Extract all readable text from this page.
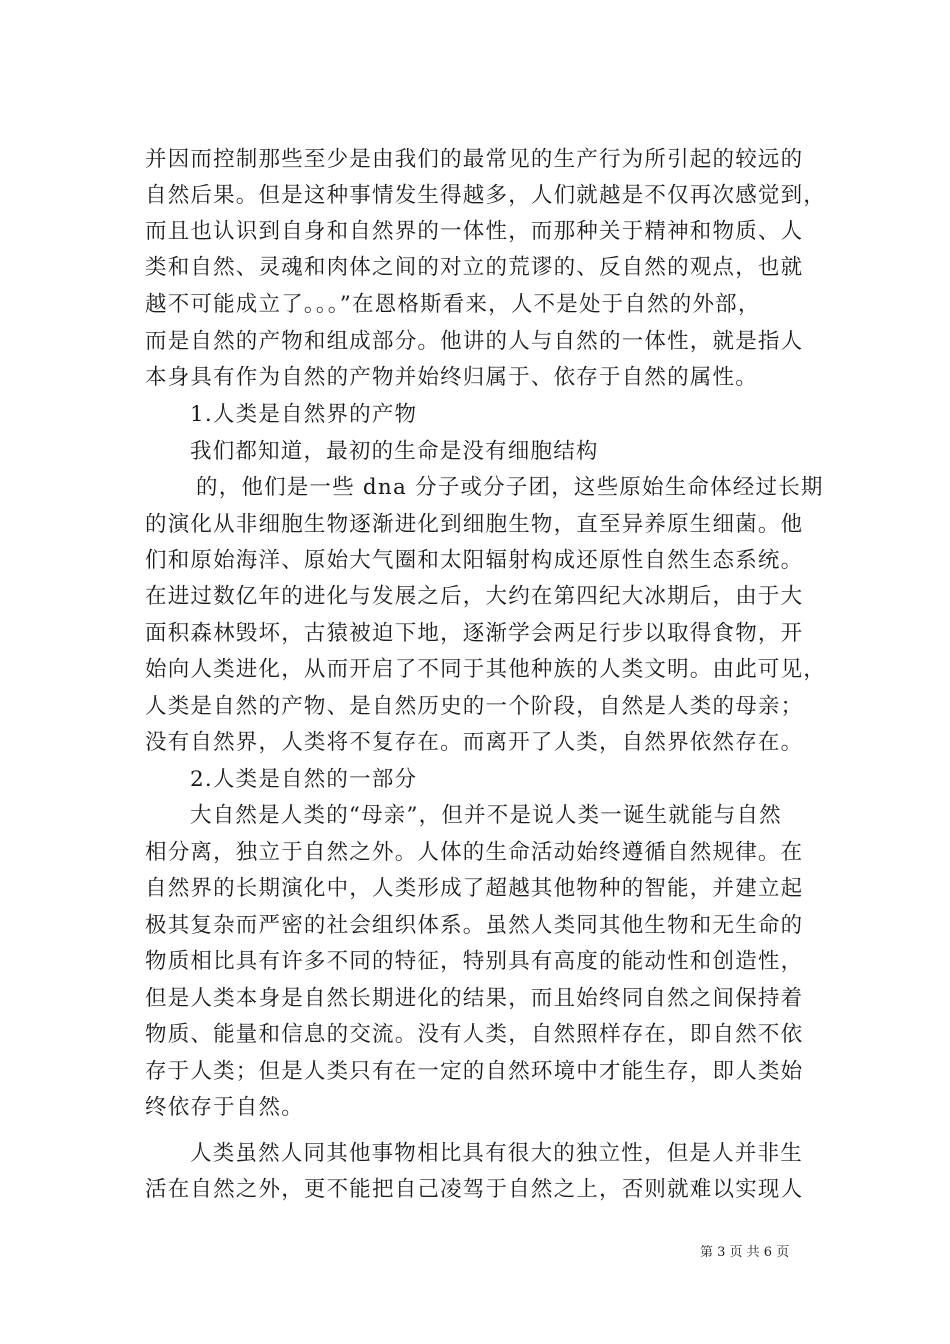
并因而控制那些至少是由我们的最常见的生产行为所引起的较远的

自然后果。但是这种事情发生得越多，人们就越是不仅再次感觉到，

而且也认识到自身和自然界的一体性，而那种关于精神和物质、人

类和自然、灵魂和肉体之间的对立的荒谬的、反自然的观点，也就

越不可能成立了。。。”在恩格斯看来，人不是处于自然的外部，

而是自然的产物和组成部分。他讲的人与自然的一体性，就是指人

本身具有作为自然的产物并始终归属于、依存于自然的属性。

1.人类是自然界的产物

我们都知道，最初的生命是没有细胞结构

的，他们是一些 dna 分子或分子团，这些原始生命体经过长期

的演化从非细胞生物逐渐进化到细胞生物，直至异养原生细菌。他

们和原始海洋、原始大气圈和太阳辐射构成还原性自然生态系统。

在进过数亿年的进化与发展之后，大约在第四纪大冰期后，由于大

面积森林毁坏，古猿被迫下地，逐渐学会两足行步以取得食物，开

始向人类进化，从而开启了不同于其他种族的人类文明。由此可见，

人类是自然的产物、是自然历史的一个阶段，自然是人类的母亲；

没有自然界，人类将不复存在。而离开了人类，自然界依然存在。

2.人类是自然的一部分

大自然是人类的“母亲”，但并不是说人类一诞生就能与自然

相分离，独立于自然之外。人体的生命活动始终遵循自然规律。在

自然界的长期演化中，人类形成了超越其他物种的智能，并建立起

极其复杂而严密的社会组织体系。虽然人类同其他生物和无生命的

物质相比具有许多不同的特征，特别具有高度的能动性和创造性，

但是人类本身是自然长期进化的结果，而且始终同自然之间保持着

物质、能量和信息的交流。没有人类，自然照样存在，即自然不依

存于人类；但是人类只有在一定的自然环境中才能生存，即人类始

终依存于自然。

人类虽然人同其他事物相比具有很大的独立性，但是人并非生

活在自然之外，更不能把自己凌驾于自然之上，否则就难以实现人

第 3 页 共 6 页
